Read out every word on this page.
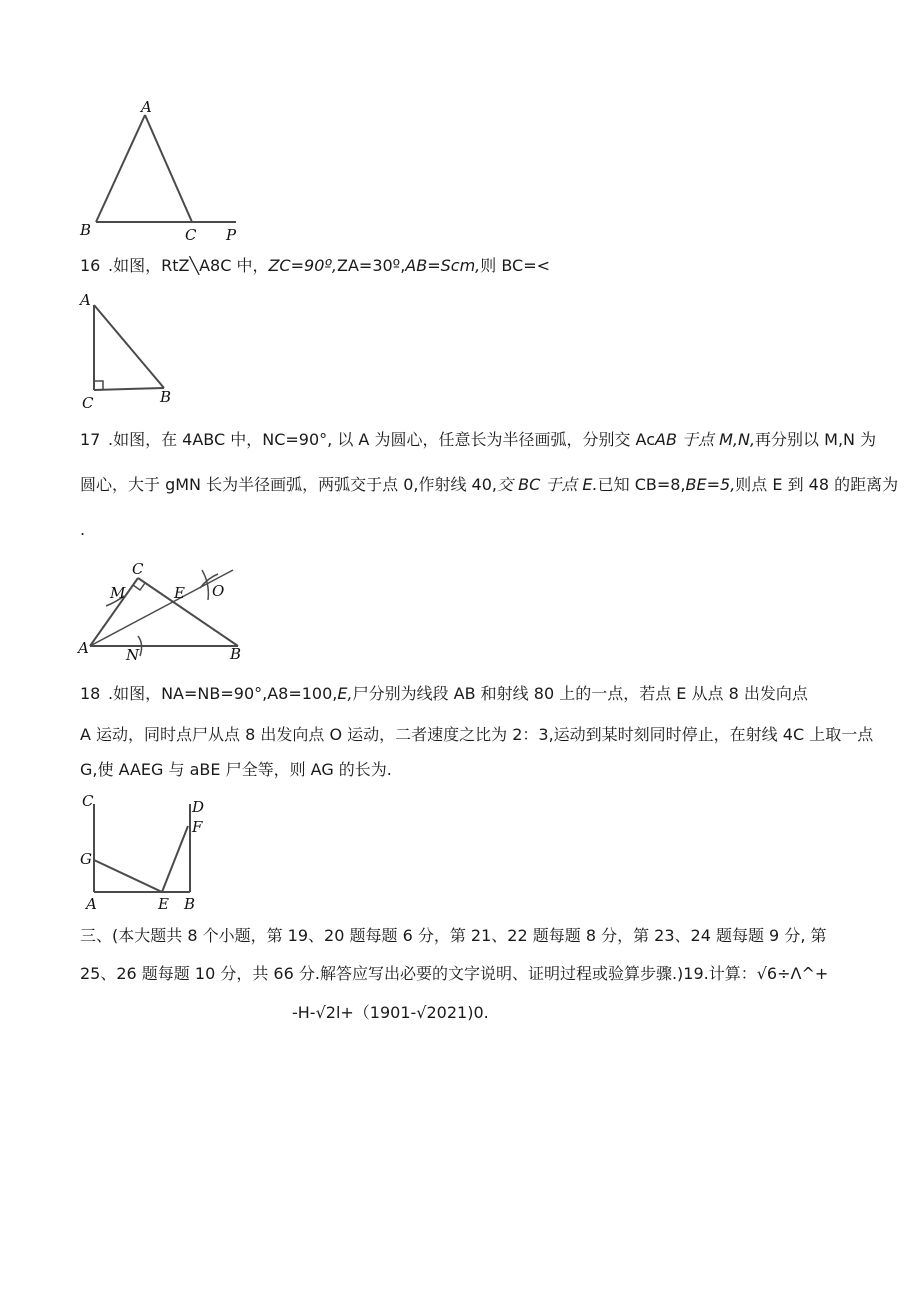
A
B	C P
16 .如图，RtZ╲A8C 中，ZC=90º,ZA=30º,AB=Scm,则 BC=<
A
B
C
17 .如图，在 4ABC 中，NC=90°, 以 A 为圆心，任意长为半径画弧，分别交 AcAB 于点 M,N,再分别以 M,N 为
圆心，大于 gMN 长为半径画弧，两弧交于点 0,作射线 40,交 BC 于点 E.已知 CB=8,BE=5,则点 E 到 48 的距离为
.
A	B
C
M
N
E O
18 .如图，NA=NB=90°,A8=100,E,尸分别为线段 AB 和射线 80 上的一点，若点 E 从点 8 出发向点
A 运动，同时点尸从点 8 出发向点 O 运动，二者速度之比为 2：3,运动到某时刻同时停止，在射线 4C 上取一点
G,使 AAEG 与 aBE 尸全等，则 AG 的长为.
C	D
F
G
A	E B
三、(本大题共 8 个小题，第 19、20 题每题 6 分，第 21、22 题每题 8 分，第 23、24 题每题 9 分, 第
25、26 题每题 10 分，共 66 分.解答应写出必要的文字说明、证明过程或验算步骤.)19.计算：√6÷Λ^+
-H-√2l+（1901-√2021)0.
